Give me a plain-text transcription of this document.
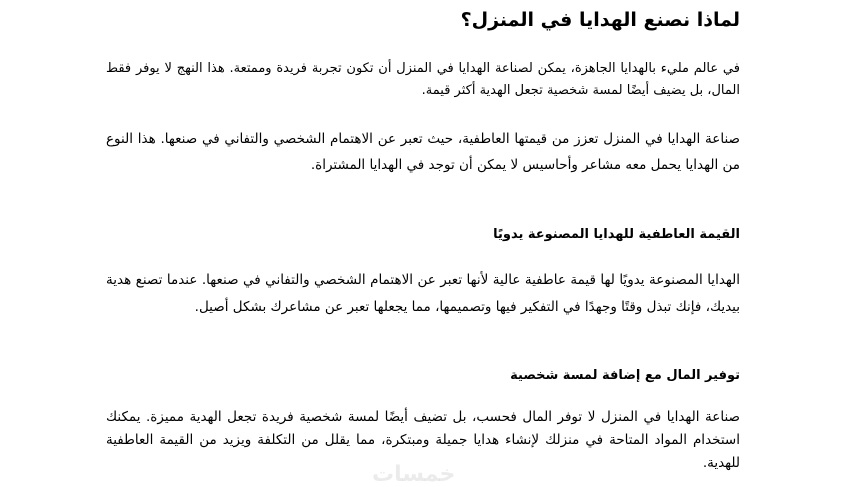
لماذا نصنع الهدايا في المنزل؟

في عالم مليء بالهدايا الجاهزة، يمكن لصناعة الهدايا في المنزل أن تكون تجربة فريدة وممتعة. هذا النهج لا يوفر فقط المال، بل يضيف أيضًا لمسة شخصية تجعل الهدية أكثر قيمة.

صناعة الهدايا في المنزل تعزز من قيمتها العاطفية، حيث تعبر عن الاهتمام الشخصي والتفاني في صنعها. هذا النوع من الهدايا يحمل معه مشاعر وأحاسيس لا يمكن أن توجد في الهدايا المشتراة.

القيمة العاطفية للهدايا المصنوعة يدويًا

الهدايا المصنوعة يدويًا لها قيمة عاطفية عالية لأنها تعبر عن الاهتمام الشخصي والتفاني في صنعها. عندما تصنع هدية بيديك، فإنك تبذل وقتًا وجهدًا في التفكير فيها وتصميمها، مما يجعلها تعبر عن مشاعرك بشكل أصيل.

توفير المال مع إضافة لمسة شخصية

صناعة الهدايا في المنزل لا توفر المال فحسب، بل تضيف أيضًا لمسة شخصية فريدة تجعل الهدية مميزة. يمكنك استخدام المواد المتاحة في منزلك لإنشاء هدايا جميلة ومبتكرة، مما يقلل من التكلفة ويزيد من القيمة العاطفية للهدية.

خمسات
